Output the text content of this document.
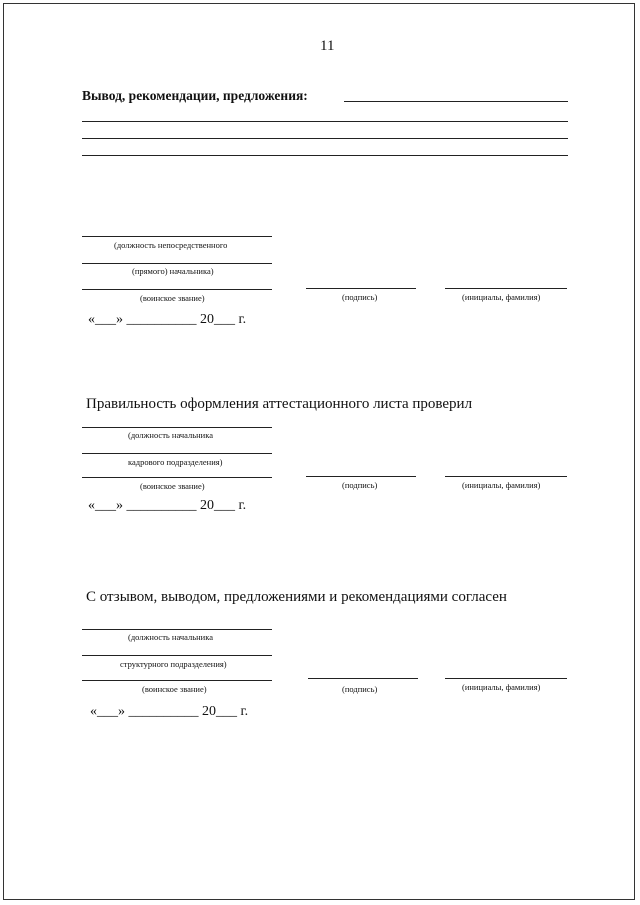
11
Вывод, рекомендации, предложения:
(должность непосредственного
(прямого) начальника)
(воинское звание)	(подпись)	(инициалы, фамилия)
«___» __________ 20___ г.
Правильность оформления аттестационного листа проверил
(должность начальника
кадрового подразделения)
(воинское звание)	(подпись)	(инициалы, фамилия)
«___» __________ 20___ г.
С отзывом, выводом, предложениями и рекомендациями согласен
(должность начальника
структурного подразделения)
(воинское звание)	(подпись)	(инициалы, фамилия)
«___» __________ 20___ г.
